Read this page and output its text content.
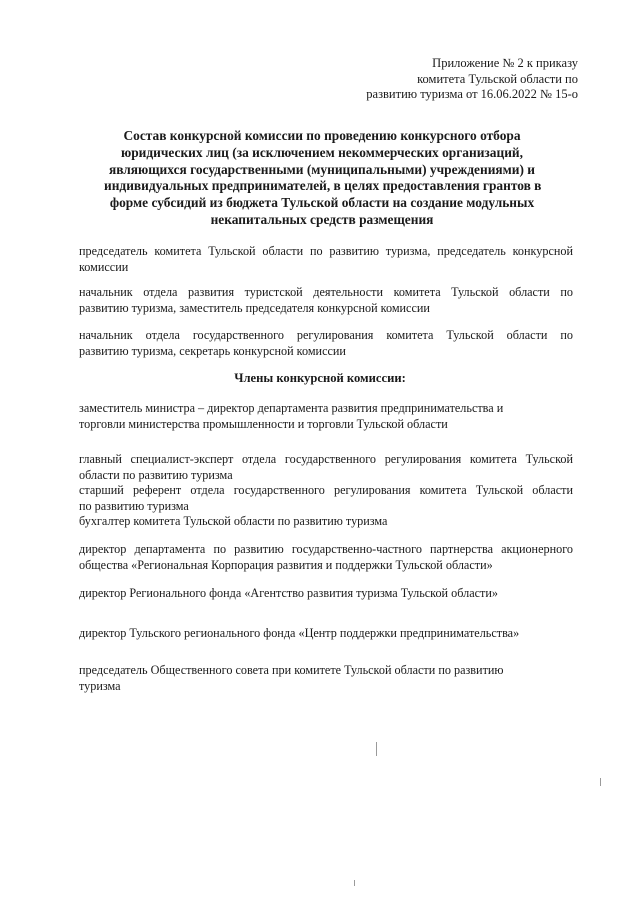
Приложение № 2 к приказу
комитета Тульской области по
развитию туризма от 16.06.2022 № 15-о
Состав конкурсной комиссии по проведению конкурсного отбора
юридических лиц (за исключением некоммерческих организаций,
являющихся государственными (муниципальными) учреждениями) и
индивидуальных предпринимателей, в целях предоставления грантов в
форме субсидий из бюджета Тульской области на создание модульных
некапитальных средств размещения
председатель комитета Тульской области по развитию туризма, председатель конкурсной
комиссии
начальник отдела развития туристской деятельности комитета Тульской области по
развитию туризма, заместитель председателя конкурсной комиссии
начальник отдела государственного регулирования комитета Тульской области по
развитию туризма, секретарь конкурсной комиссии
Члены конкурсной комиссии:
заместитель министра – директор департамента развития предпринимательства и
торговли министерства промышленности и торговли Тульской области
главный специалист-эксперт отдела государственного регулирования комитета Тульской
области по развитию туризма
старший референт отдела государственного регулирования комитета Тульской области
по развитию туризма
бухгалтер комитета Тульской области по развитию туризма
директор департамента по развитию государственно-частного партнерства акционерного
общества «Региональная Корпорация развития и поддержки Тульской области»
директор Регионального фонда «Агентство развития туризма Тульской области»
директор Тульского регионального фонда «Центр поддержки предпринимательства»
председатель Общественного совета при комитете Тульской области по развитию
туризма
